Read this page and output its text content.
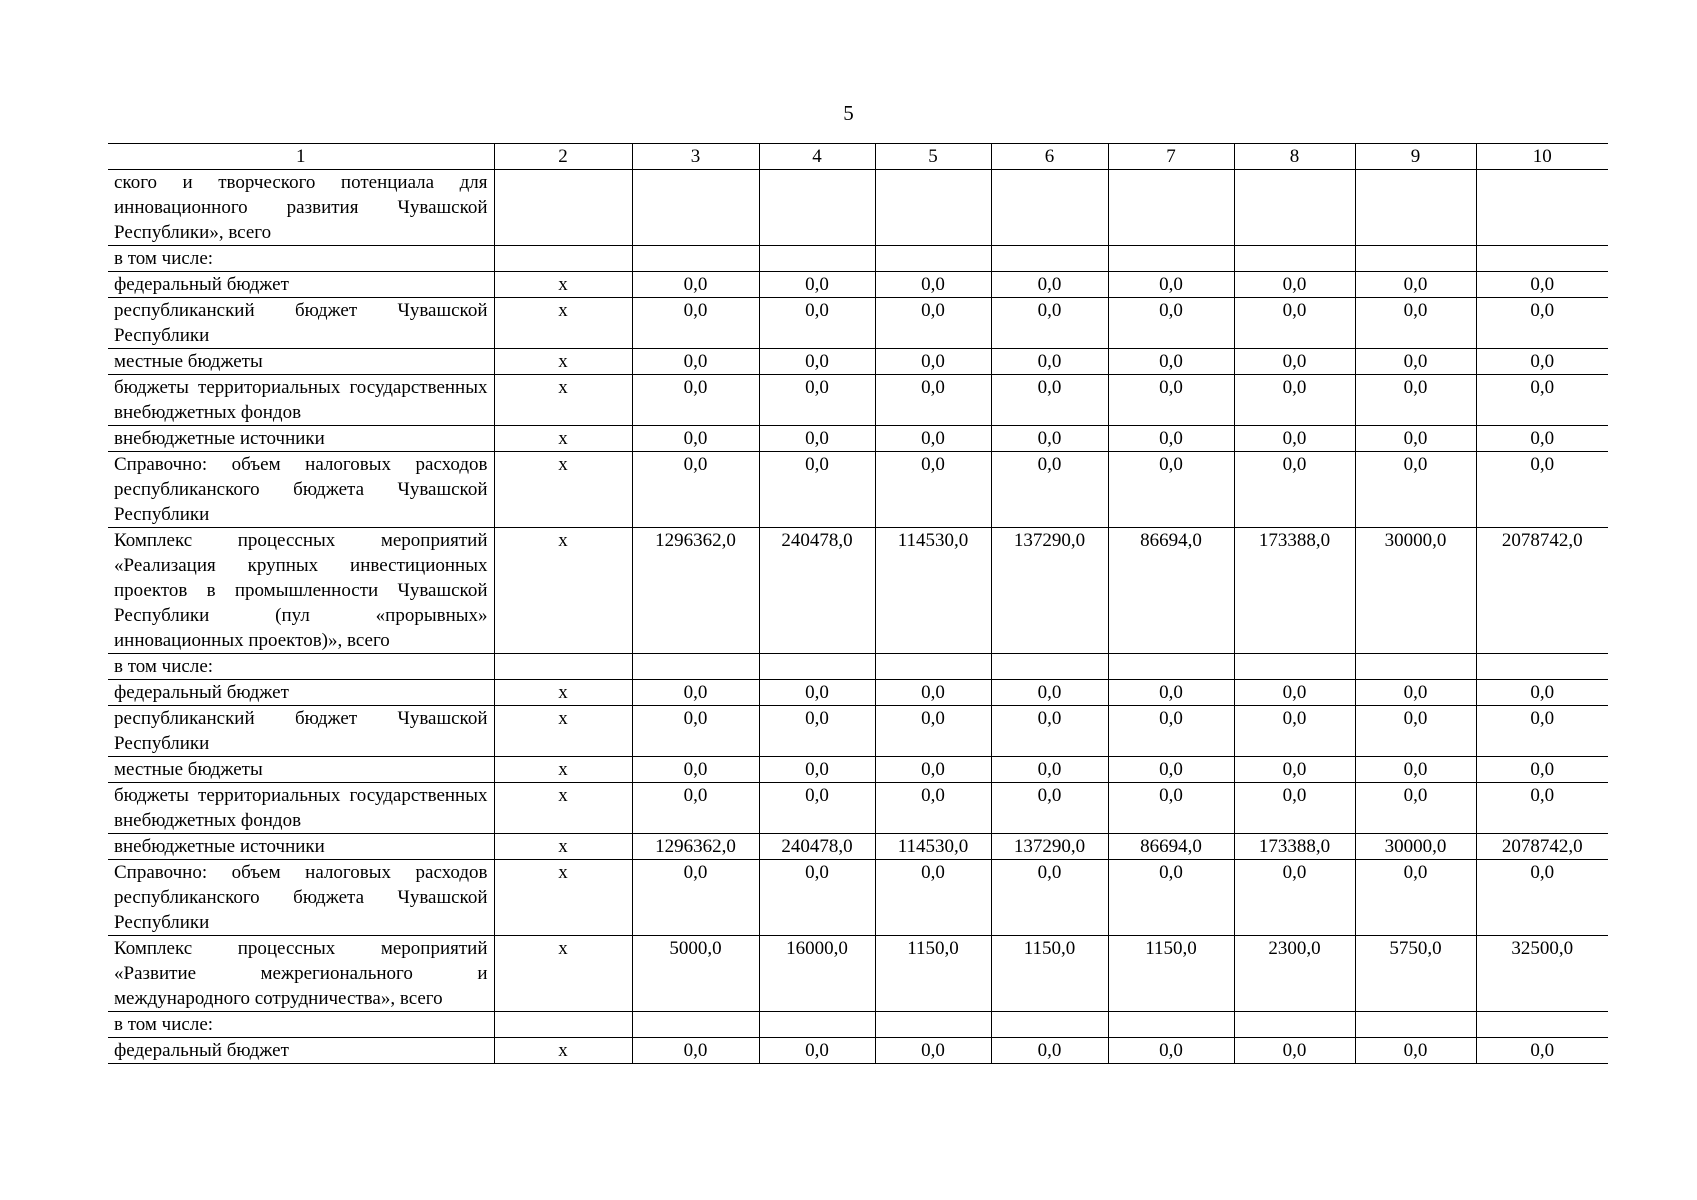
5
1	2	3	4	5	6	7	8	9	10
ского и творческого потенциала для инновационного развития Чувашской Республики», всего									
в том числе:									
федеральный бюджет	х	0,0	0,0	0,0	0,0	0,0	0,0	0,0	0,0
республиканский бюджет Чувашской Республики	х	0,0	0,0	0,0	0,0	0,0	0,0	0,0	0,0
местные бюджеты	х	0,0	0,0	0,0	0,0	0,0	0,0	0,0	0,0
бюджеты территориальных государственных внебюджетных фондов	х	0,0	0,0	0,0	0,0	0,0	0,0	0,0	0,0
внебюджетные источники	х	0,0	0,0	0,0	0,0	0,0	0,0	0,0	0,0
Справочно: объем налоговых расходов республиканского бюджета Чувашской Республики	х	0,0	0,0	0,0	0,0	0,0	0,0	0,0	0,0
Комплекс процессных мероприятий «Реализация крупных инвестиционных проектов в промышленности Чувашской Республики (пул «прорывных» инновационных проектов)», всего	х	1296362,0	240478,0	114530,0	137290,0	86694,0	173388,0	30000,0	2078742,0
в том числе:									
федеральный бюджет	х	0,0	0,0	0,0	0,0	0,0	0,0	0,0	0,0
республиканский бюджет Чувашской Республики	х	0,0	0,0	0,0	0,0	0,0	0,0	0,0	0,0
местные бюджеты	х	0,0	0,0	0,0	0,0	0,0	0,0	0,0	0,0
бюджеты территориальных государственных внебюджетных фондов	х	0,0	0,0	0,0	0,0	0,0	0,0	0,0	0,0
внебюджетные источники	х	1296362,0	240478,0	114530,0	137290,0	86694,0	173388,0	30000,0	2078742,0
Справочно: объем налоговых расходов республиканского бюджета Чувашской Республики	х	0,0	0,0	0,0	0,0	0,0	0,0	0,0	0,0
Комплекс процессных мероприятий «Развитие межрегионального и международного сотрудничества», всего	х	5000,0	16000,0	1150,0	1150,0	1150,0	2300,0	5750,0	32500,0
в том числе:									
федеральный бюджет	х	0,0	0,0	0,0	0,0	0,0	0,0	0,0	0,0
